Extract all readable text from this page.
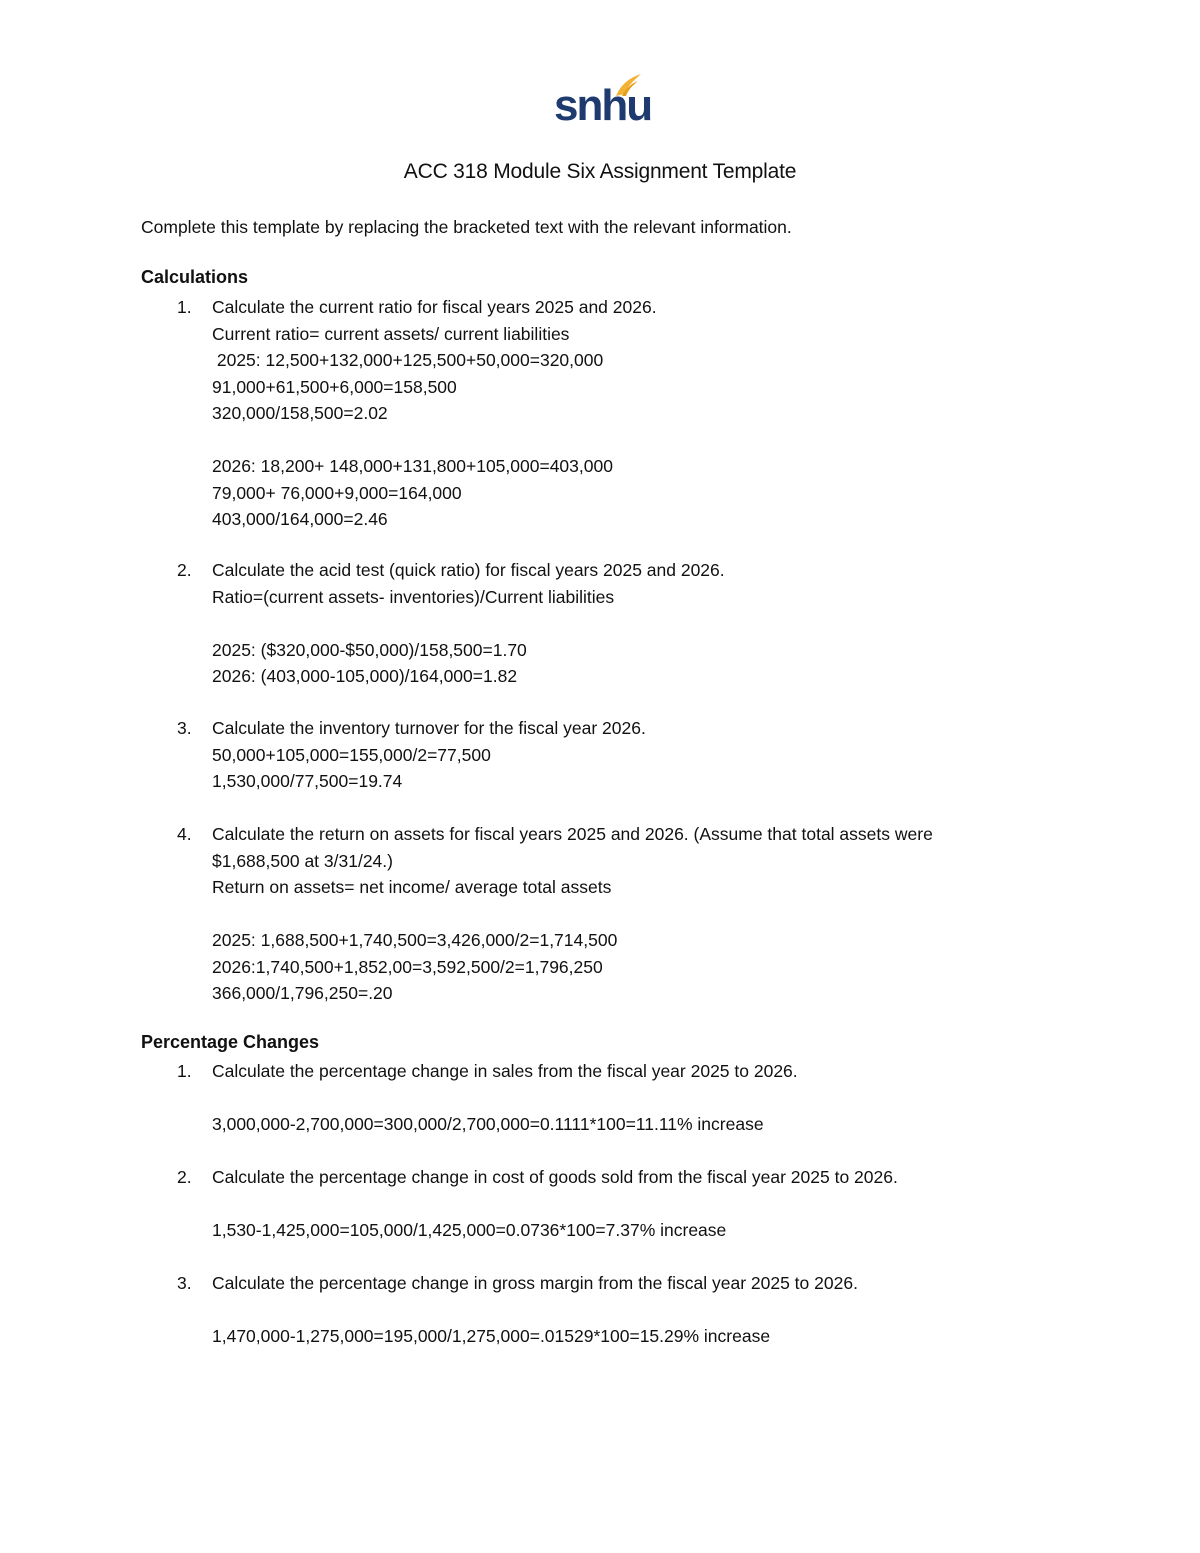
snhu
ACC 318 Module Six Assignment Template
Complete this template by replacing the bracketed text with the relevant information.
Calculations
1. Calculate the current ratio for fiscal years 2025 and 2026.
Current ratio= current assets/ current liabilities
2025: 12,500+132,000+125,500+50,000=320,000
91,000+61,500+6,000=158,500
320,000/158,500=2.02
2026: 18,200+ 148,000+131,800+105,000=403,000
79,000+ 76,000+9,000=164,000
403,000/164,000=2.46
2. Calculate the acid test (quick ratio) for fiscal years 2025 and 2026.
Ratio=(current assets- inventories)/Current liabilities
2025: ($320,000-$50,000)/158,500=1.70
2026: (403,000-105,000)/164,000=1.82
3. Calculate the inventory turnover for the fiscal year 2026.
50,000+105,000=155,000/2=77,500
1,530,000/77,500=19.74
4. Calculate the return on assets for fiscal years 2025 and 2026. (Assume that total assets were
$1,688,500 at 3/31/24.)
Return on assets= net income/ average total assets
2025: 1,688,500+1,740,500=3,426,000/2=1,714,500
2026:1,740,500+1,852,00=3,592,500/2=1,796,250
366,000/1,796,250=.20
Percentage Changes
1. Calculate the percentage change in sales from the fiscal year 2025 to 2026.
3,000,000-2,700,000=300,000/2,700,000=0.1111*100=11.11% increase
2. Calculate the percentage change in cost of goods sold from the fiscal year 2025 to 2026.
1,530-1,425,000=105,000/1,425,000=0.0736*100=7.37% increase
3. Calculate the percentage change in gross margin from the fiscal year 2025 to 2026.
1,470,000-1,275,000=195,000/1,275,000=.01529*100=15.29% increase
